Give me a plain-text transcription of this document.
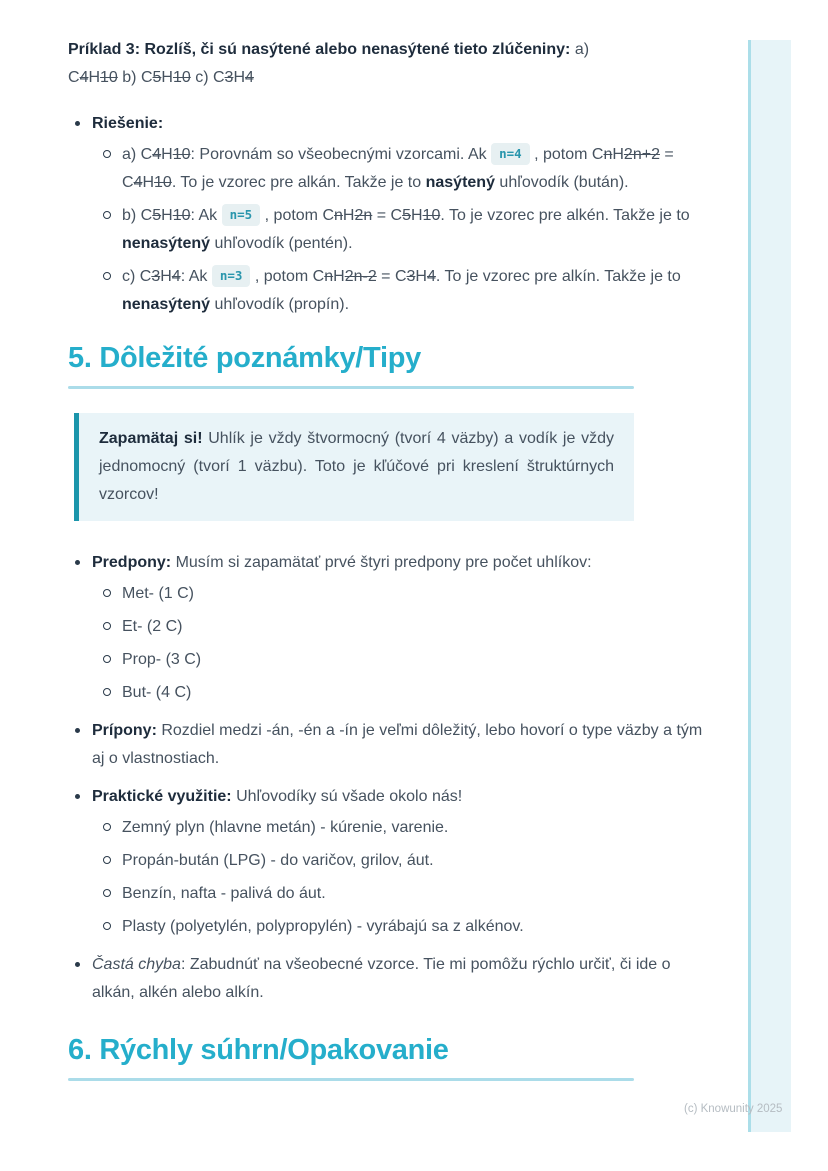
Príklad 3: Rozlíš, či sú nasýtené alebo nenasýtené tieto zlúčeniny: a)
C4H10 b) C5H10 c) C3H4

Riešenie:
a) C4H10: Porovnám so všeobecnými vzorcami. Ak n=4 , potom CnH2n+2 = C4H10. To je vzorec pre alkán. Takže je to nasýtený uhľovodík (bután).
b) C5H10: Ak n=5 , potom CnH2n = C5H10. To je vzorec pre alkén. Takže je to nenasýtený uhľovodík (pentén).
c) C3H4: Ak n=3 , potom CnH2n-2 = C3H4. To je vzorec pre alkín. Takže je to nenasýtený uhľovodík (propín).
5. Dôležité poznámky/Tipy
Zapamätaj si! Uhlík je vždy štvormocný (tvorí 4 väzby) a vodík je vždy jednomocný (tvorí 1 väzbu). Toto je kľúčové pri kreslení štruktúrnych vzorcov!
Predpony: Musím si zapamätať prvé štyri predpony pre počet uhlíkov:
Met- (1 C)
Et- (2 C)
Prop- (3 C)
But- (4 C)
Prípony: Rozdiel medzi -án, -én a -ín je veľmi dôležitý, lebo hovorí o type väzby a tým aj o vlastnostiach.
Praktické využitie: Uhľovodíky sú všade okolo nás!
Zemný plyn (hlavne metán) - kúrenie, varenie.
Propán-bután (LPG) - do varičov, grilov, áut.
Benzín, nafta - palivá do áut.
Plasty (polyetylén, polypropylén) - vyrábajú sa z alkénov.
Častá chyba: Zabudnúť na všeobecné vzorce. Tie mi pomôžu rýchlo určiť, či ide o alkán, alkén alebo alkín.
6. Rýchly súhrn/Opakovanie
(c) Knowunity 2025
